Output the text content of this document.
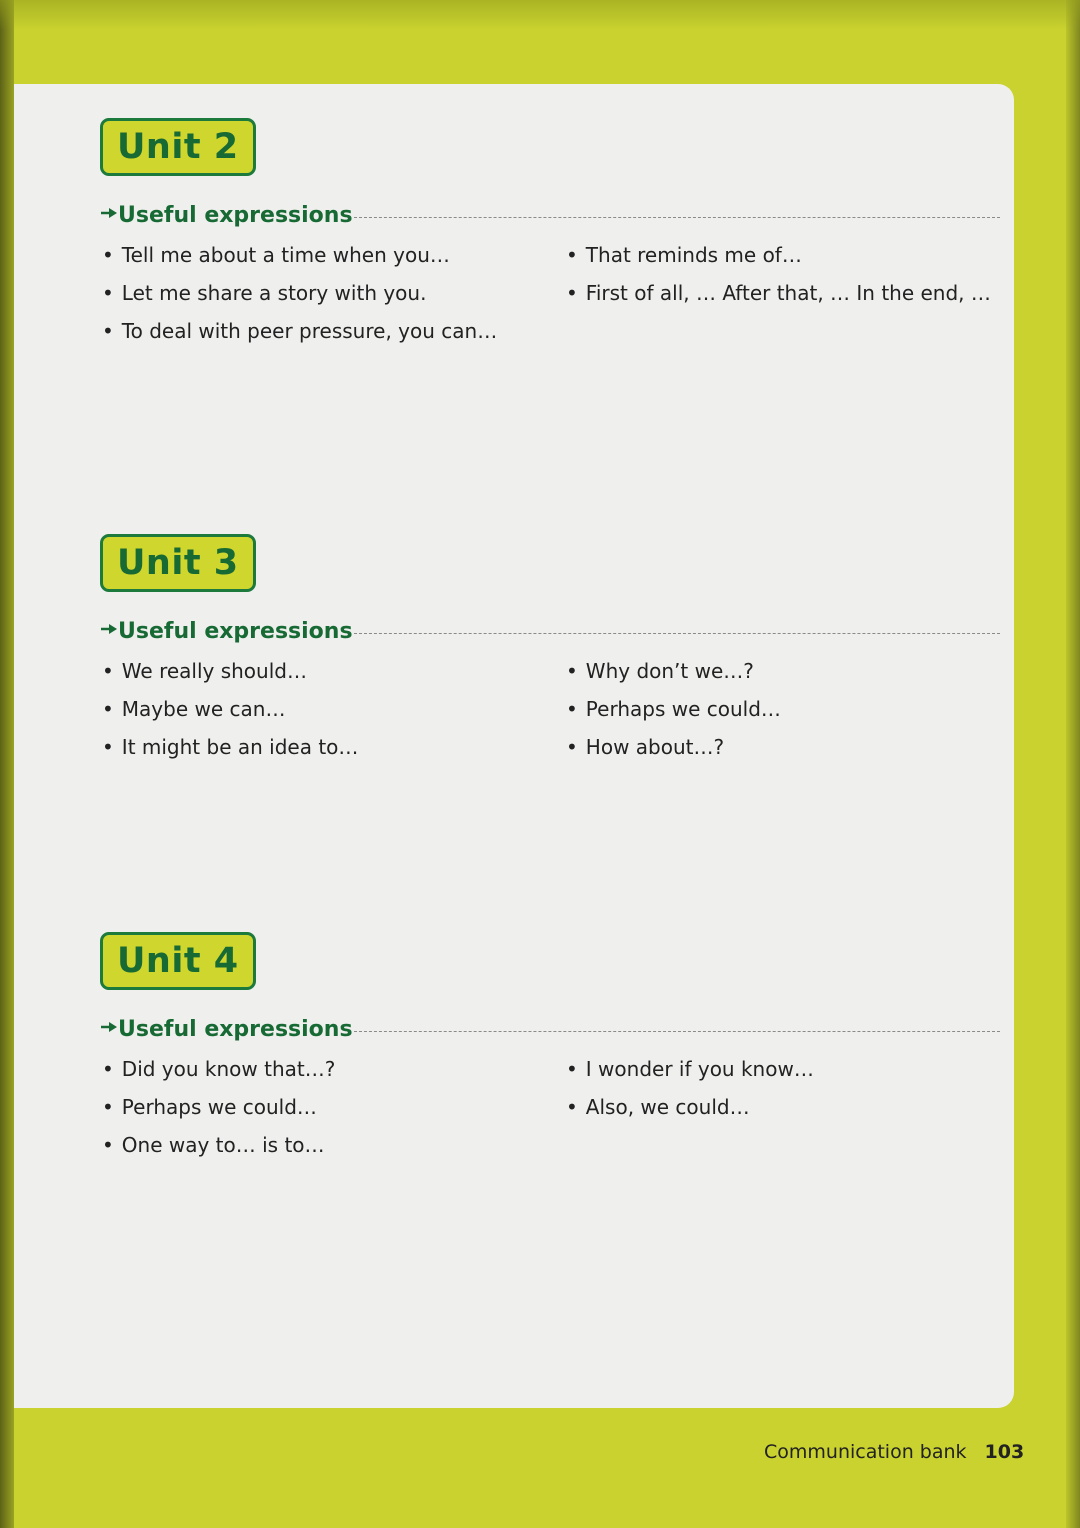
Unit 2
Useful expressions
• Tell me about a time when you…
• Let me share a story with you.
• To deal with peer pressure, you can…
• That reminds me of…
• First of all, … After that, … In the end, …
Unit 3
Useful expressions
• We really should…
• Maybe we can…
• It might be an idea to…
• Why don’t we…?
• Perhaps we could…
• How about…?
Unit 4
Useful expressions
• Did you know that…?
• Perhaps we could…
• One way to… is to…
• I wonder if you know…
• Also, we could…
Communication bank 103
